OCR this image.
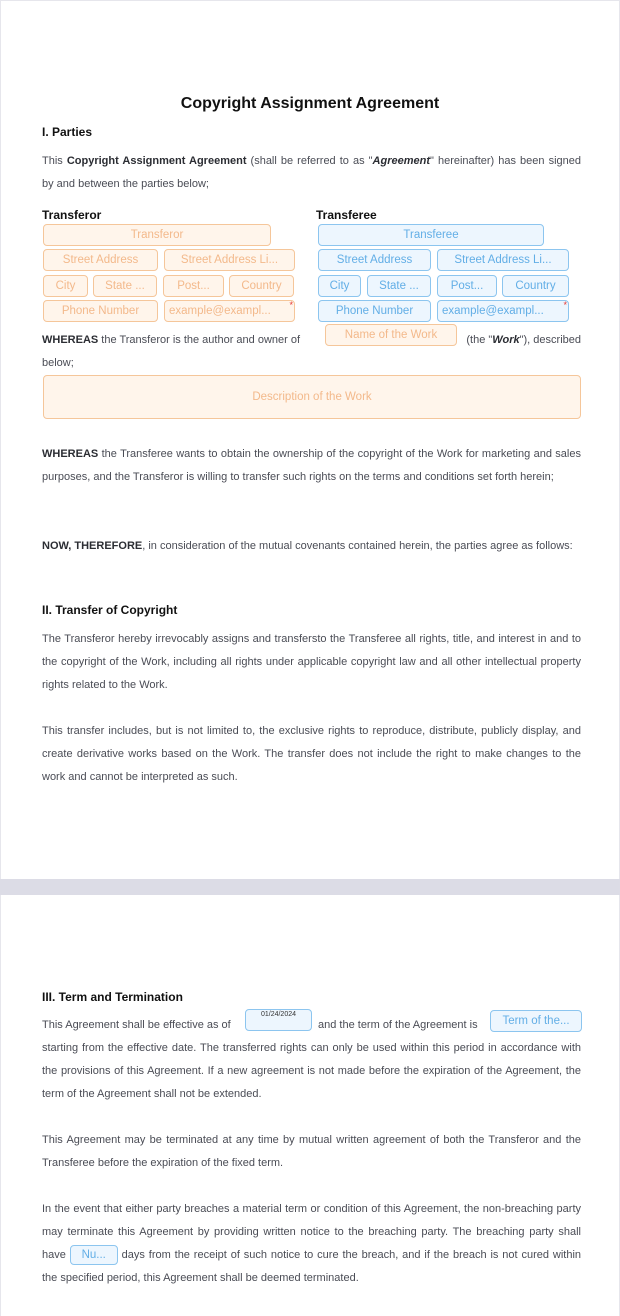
Copyright Assignment Agreement
I. Parties
This Copyright Assignment Agreement (shall be referred to as "Agreement" hereinafter) has been signed by and between the parties below;
Transferor	Transferee
Transferor
Street Address	Street Address Li...
City	State ...	Post...	Country
Phone Number	example@exampl... *
Transferee
Street Address	Street Address Li...
City	State ...	Post...	Country
Phone Number	example@exampl... *
WHEREAS the Transferor is the author and owner of	Name of the Work	(the "Work"), described
below;
Description of the Work
WHEREAS the Transferee wants to obtain the ownership of the copyright of the Work for marketing and sales purposes, and the Transferor is willing to transfer such rights on the terms and conditions set forth herein;
NOW, THEREFORE, in consideration of the mutual covenants contained herein, the parties agree as follows:
II. Transfer of Copyright
The Transferor hereby irrevocably assigns and transfersto the Transferee all rights, title, and interest in and to the copyright of the Work, including all rights under applicable copyright law and all other intellectual property rights related to the Work.
This transfer includes, but is not limited to, the exclusive rights to reproduce, distribute, publicly display, and create derivative works based on the Work. The transfer does not include the right to make changes to the work and cannot be interpreted as such.
III. Term and Termination
This Agreement shall be effective as of
01/24/2024
and the term of the Agreement is	Term of the...
starting from the effective date. The transferred rights can only be used within this period in accordance with the provisions of this Agreement. If a new agreement is not made before the expiration of the Agreement, the term of the Agreement shall not be extended.
This Agreement may be terminated at any time by mutual written agreement of both the Transferor and the Transferee before the expiration of the fixed term.
In the event that either party breaches a material term or condition of this Agreement, the non-breaching party may terminate this Agreement by providing written notice to the breaching party. The breaching party shall have Nu... days from the receipt of such notice to cure the breach, and if the breach is not cured within the specified period, this Agreement shall be deemed terminated.
